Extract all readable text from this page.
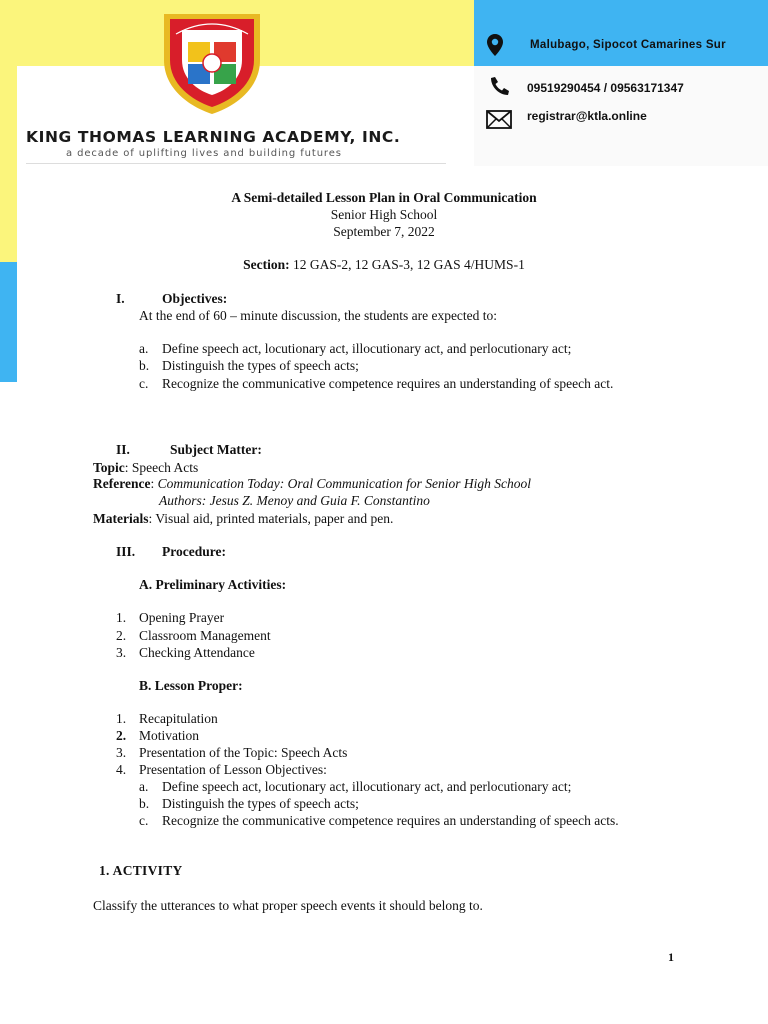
KING THOMAS LEARNING ACADEMY, INC.
a decade of uplifting lives and building futures
Malubago, Sipocot Camarines Sur
09519290454 / 09563171347
registrar@ktla.online
A Semi-detailed Lesson Plan in Oral Communication
Senior High School
September 7, 2022
Section: 12 GAS-2, 12 GAS-3, 12 GAS 4/HUMS-1
I.	Objectives:
At the end of 60 – minute discussion, the students are expected to:
a. Define speech act, locutionary act, illocutionary act, and perlocutionary act;
b. Distinguish the types of speech acts;
c. Recognize the communicative competence requires an understanding of speech act.
II.	Subject Matter:
Topic: Speech Acts
Reference: Communication Today: Oral Communication for Senior High School
Authors: Jesus Z. Menoy and Guia F. Constantino
Materials: Visual aid, printed materials, paper and pen.
III. Procedure:
A. Preliminary Activities:
1. Opening Prayer
2. Classroom Management
3. Checking Attendance
B. Lesson Proper:
1. Recapitulation
2. Motivation
3. Presentation of the Topic: Speech Acts
4. Presentation of Lesson Objectives:
a. Define speech act, locutionary act, illocutionary act, and perlocutionary act;
b. Distinguish the types of speech acts;
c. Recognize the communicative competence requires an understanding of speech acts.
1. ACTIVITY
Classify the utterances to what proper speech events it should belong to.
1
